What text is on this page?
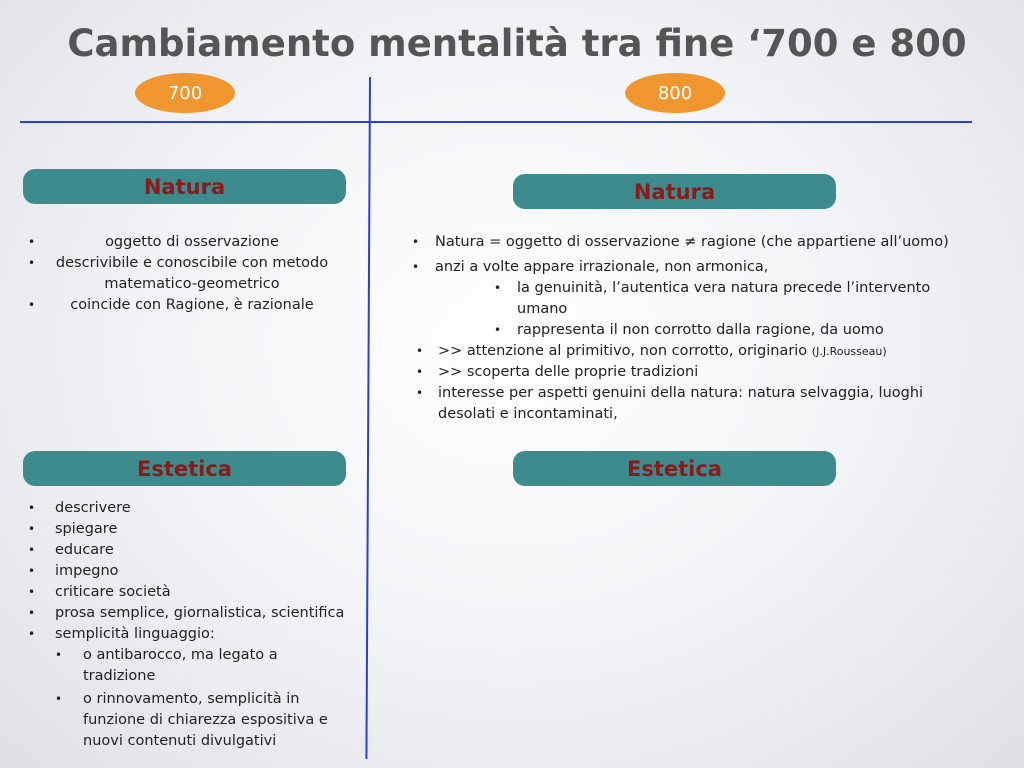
Cambiamento mentalità tra fine ‘700 e 800
700	800
Natura
•	oggetto di osservazione
• descrivibile e conoscibile con metodo
matematico-geometrico
• coincide con Ragione, è razionale
Estetica
• descrivere
• spiegare
• educare
• impegno
• criticare società
• prosa semplice, giornalistica, scientifica
• semplicità linguaggio:
• o antibarocco, ma legato a
tradizione
• o rinnovamento, semplicità in
funzione di chiarezza espositiva e
nuovi contenuti divulgativi
Natura
• Natura = oggetto di osservazione ≠ ragione (che appartiene all’uomo)
• anzi a volte appare irrazionale, non armonica,
• la genuinità, l’autentica vera natura precede l’intervento
umano
• rappresenta il non corrotto dalla ragione, da uomo
• >> attenzione al primitivo, non corrotto, originario (J.J.Rousseau)
• >> scoperta delle proprie tradizioni
• interesse per aspetti genuini della natura: natura selvaggia, luoghi
desolati e incontaminati,
Estetica
